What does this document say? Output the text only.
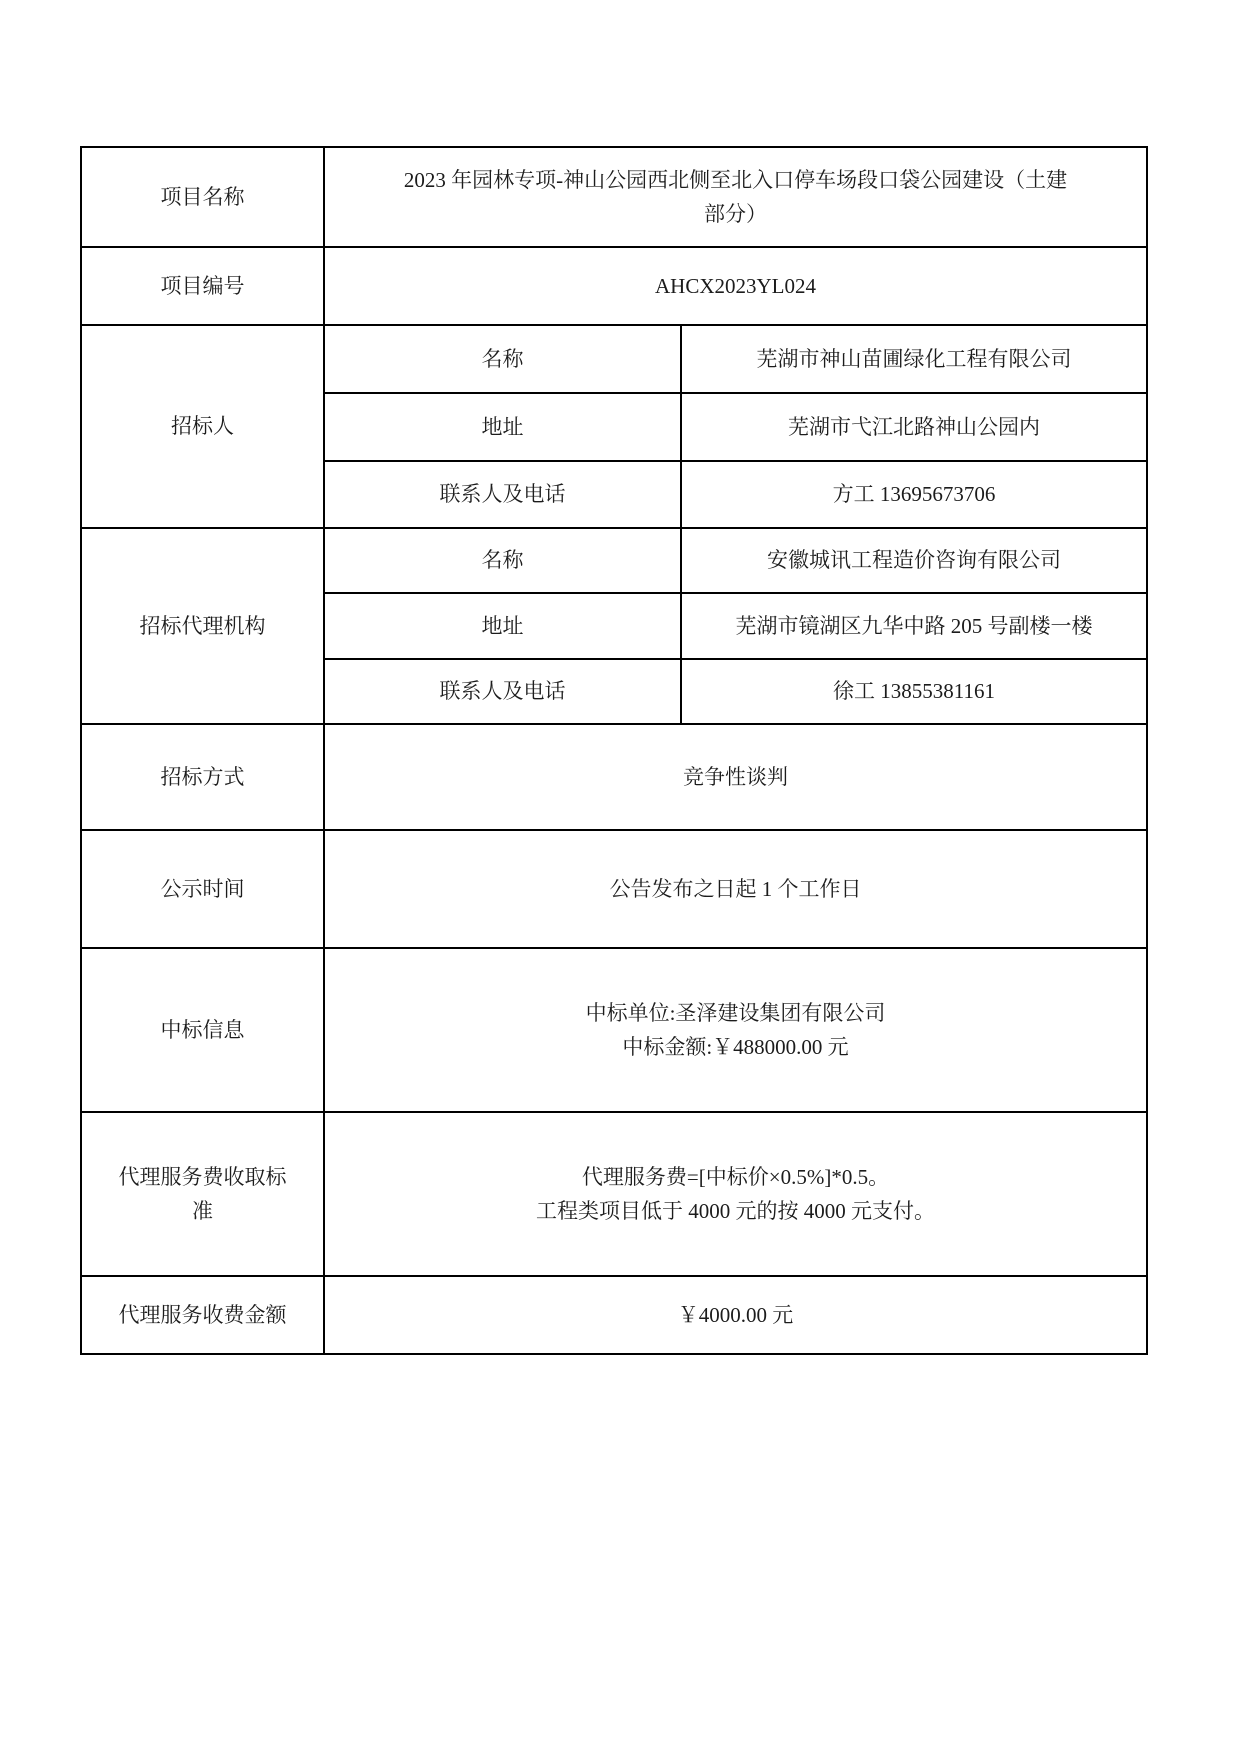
项目名称	2023 年园林专项-神山公园西北侧至北入口停车场段口袋公园建设（土建
部分）	

项目编号	AHCX2023YL024	
招标人	名称	芜湖市神山苗圃绿化工程有限公司
	地址	芜湖市弋江北路神山公园内
	联系人及电话	方工 13695673706
招标代理机构	名称	安徽城讯工程造价咨询有限公司
	地址	芜湖市镜湖区九华中路 205 号副楼一楼
	联系人及电话	徐工 13855381161
招标方式	竞争性谈判	
公示时间	公告发布之日起 1 个工作日	
中标信息	中标单位:圣泽建设集团有限公司
中标金额:￥488000.00 元	

代理服务费收取标准	代理服务费=[中标价×0.5%]*0.5。
工程类项目低于 4000 元的按 4000 元支付。	

代理服务收费金额	￥4000.00 元	
